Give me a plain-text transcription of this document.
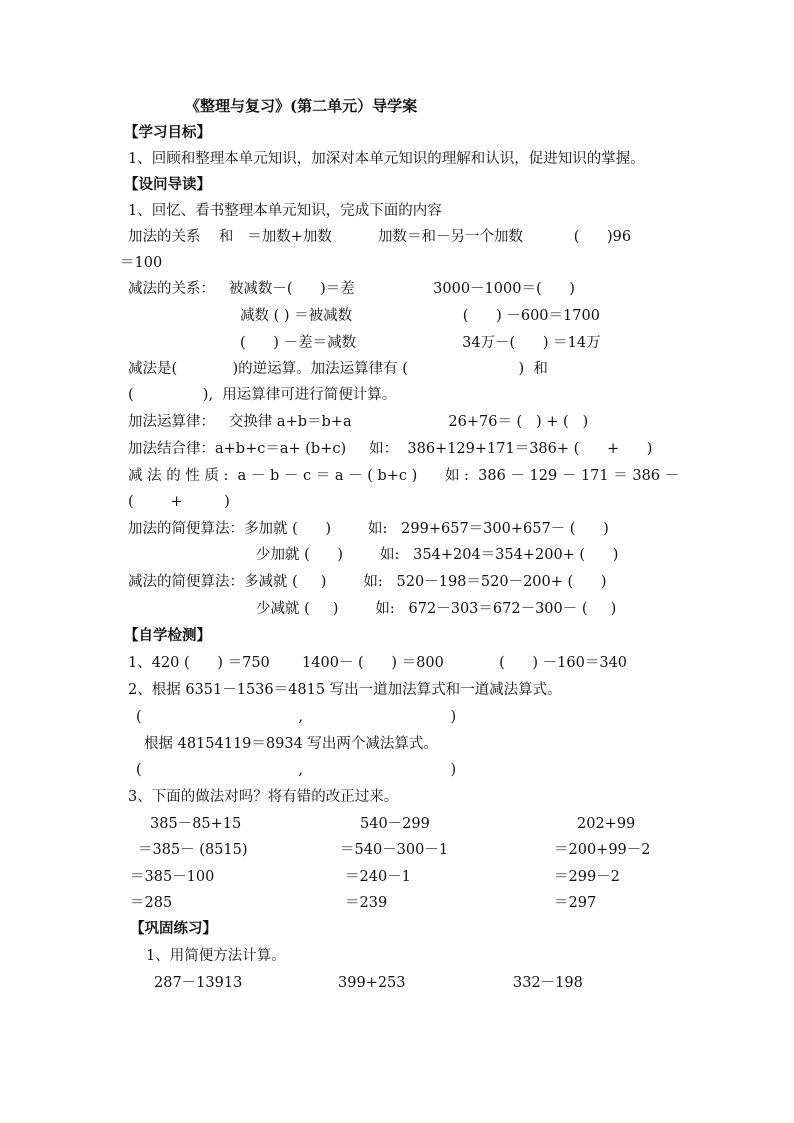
《整理与复习》(第二单元）导学案
【学习目标】
1、回顾和整理本单元知识，加深对本单元知识的理解和认识，促进知识的掌握。
【设问导读】
1、回忆、看书整理本单元知识，完成下面的内容
加法的关系    和   ＝加数+加数          加数＝和－另一个加数           (      )96
＝100
减法的关系：   被减数－(      )＝差                 3000－1000＝(      )
减数 ( ) ＝被减数                        (      ) －600＝1700
(      ) －差＝减数                       34万－(      ) ＝14万
减法是(            )的逆运算。加法运算律有 (                        )  和
(               ),  用运算律可进行简便计算。
加法运算律：   交换律 a+b＝b+a                     26+76＝ (   ) + (   )
加法结合律：a+b+c＝a+ (b+c)     如：  386+129+171＝386+ (      +      )
减 法 的 性 质 :  a － b － c ＝ a － ( b+c )      如 :  386 － 129 － 171 ＝ 386 －
(        +         )
加法的简便算法：多加就 (      )        如:   299+657＝300+657－ (      )
少加就 (      )        如:   354+204＝354+200+ (      )
减法的简便算法：多减就 (     )        如:   520－198＝520－200+ (      )
少减就 (     )        如:   672－303＝672－300－ (     )
【自学检测】
1、420 (      ) ＝750       1400－ (      ) ＝800            (      ) －160＝340
2、根据 6351－1536＝4815 写出一道加法算式和一道减法算式。
(                                  ,                                )
根据 48154119＝8934 写出两个减法算式。
(                                  ,                                )
3、下面的做法对吗？将有错的改正过来。
385－85+15
＝385－ (8515)
＝385－100
＝285
540－299
＝540－300－1
＝240－1
＝239
202+99
＝200+99－2
＝299－2
＝297
【巩固练习】
1、用简便方法计算。
287－13913	399+253	332－198
